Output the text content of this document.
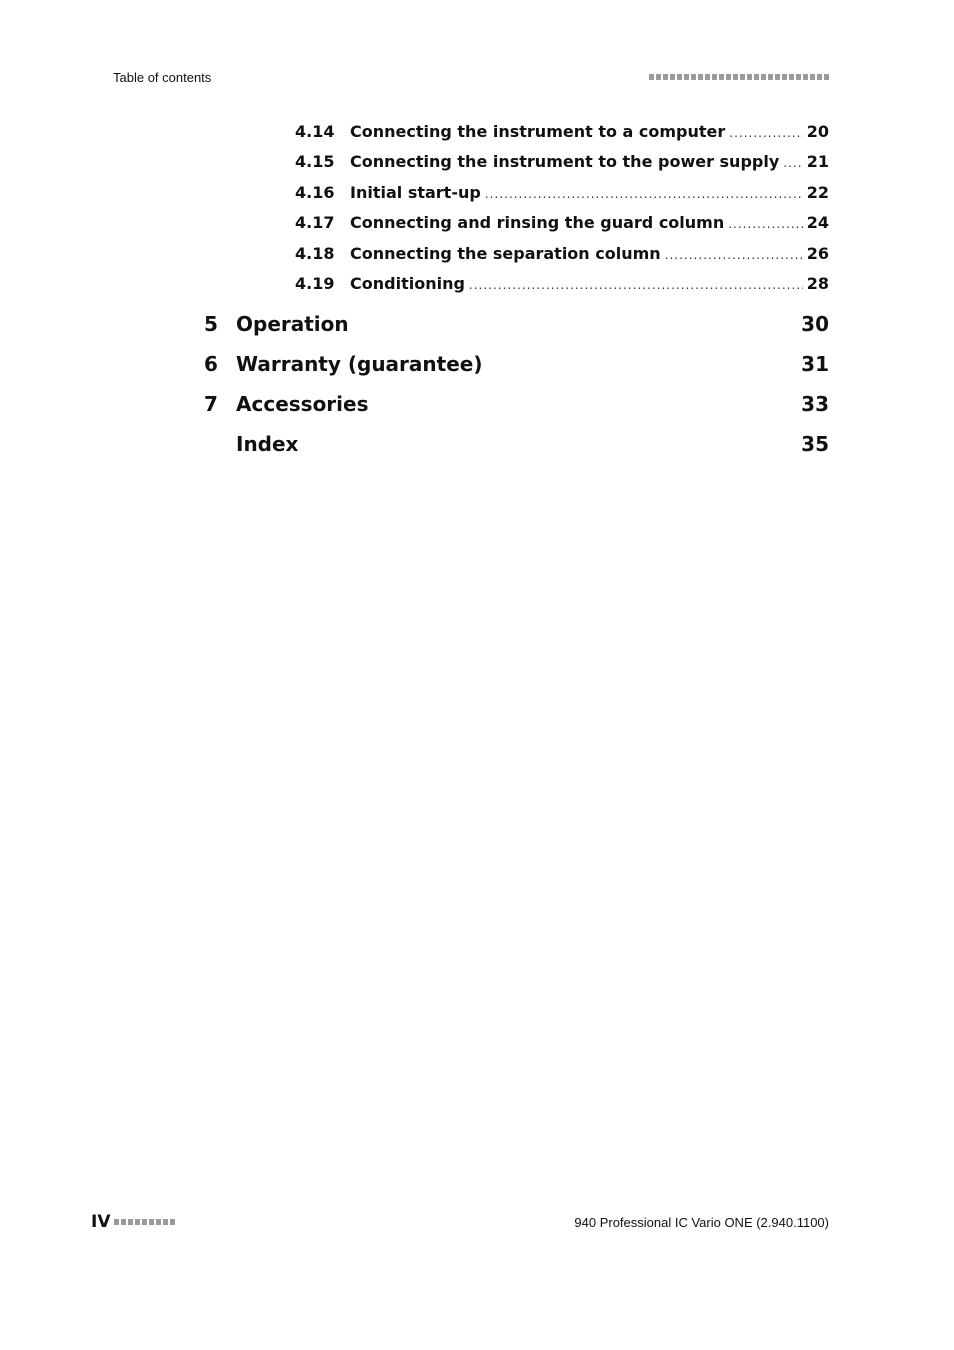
Table of contents
4.14 Connecting the instrument to a computer .....	20
4.15 Connecting the instrument to the power supply ..... 21
4.16 Initial start-up .....	22
4.17 Connecting and rinsing the guard column .....	24
4.18 Connecting the separation column .....	26
4.19 Conditioning .....	28
5 Operation	30
6 Warranty (guarantee)	31
7 Accessories	33
Index	35
IV	940 Professional IC Vario ONE (2.940.1100)
